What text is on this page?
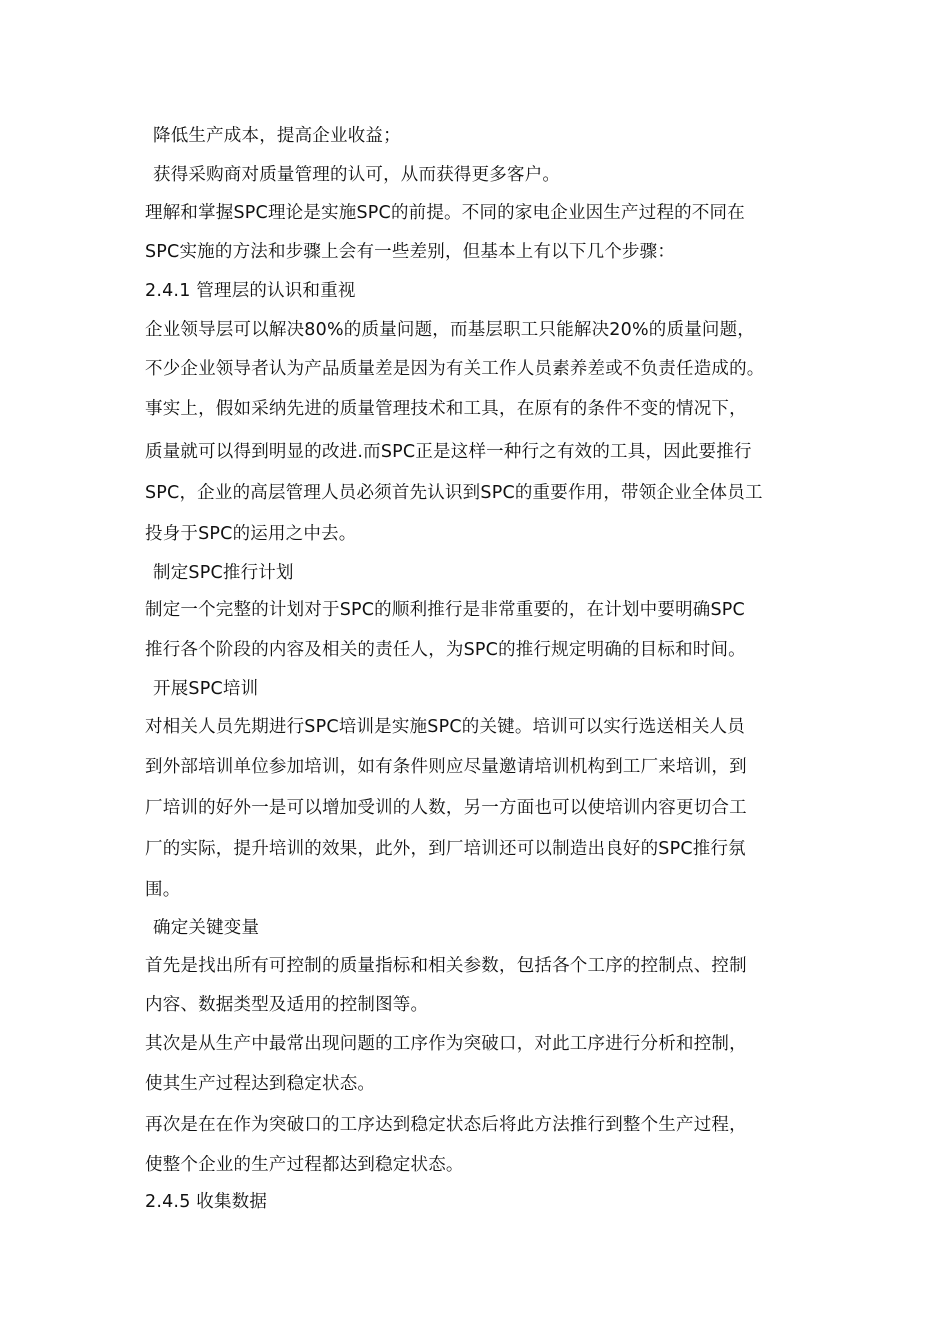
降低生产成本，提高企业收益；
获得采购商对质量管理的认可，从而获得更多客户。
理解和掌握SPC理论是实施SPC的前提。不同的家电企业因生产过程的不同在
SPC实施的方法和步骤上会有一些差别，但基本上有以下几个步骤：
2.4.1 管理层的认识和重视
企业领导层可以解决80%的质量问题，而基层职工只能解决20%的质量问题，
不少企业领导者认为产品质量差是因为有关工作人员素养差或不负责任造成的。
事实上，假如采纳先进的质量管理技术和工具，在原有的条件不变的情况下，
质量就可以得到明显的改进.而SPC正是这样一种行之有效的工具，因此要推行
SPC，企业的高层管理人员必须首先认识到SPC的重要作用，带领企业全体员工
投身于SPC的运用之中去。
制定SPC推行计划
制定一个完整的计划对于SPC的顺利推行是非常重要的，在计划中要明确SPC
推行各个阶段的内容及相关的责任人，为SPC的推行规定明确的目标和时间。
开展SPC培训
对相关人员先期进行SPC培训是实施SPC的关键。培训可以实行选送相关人员
到外部培训单位参加培训，如有条件则应尽量邀请培训机构到工厂来培训，到
厂培训的好外一是可以增加受训的人数，另一方面也可以使培训内容更切合工
厂的实际，提升培训的效果，此外，到厂培训还可以制造出良好的SPC推行氛
围。
确定关键变量
首先是找出所有可控制的质量指标和相关参数，包括各个工序的控制点、控制
内容、数据类型及适用的控制图等。
其次是从生产中最常出现问题的工序作为突破口，对此工序进行分析和控制，
使其生产过程达到稳定状态。
再次是在在作为突破口的工序达到稳定状态后将此方法推行到整个生产过程，
使整个企业的生产过程都达到稳定状态。
2.4.5 收集数据
